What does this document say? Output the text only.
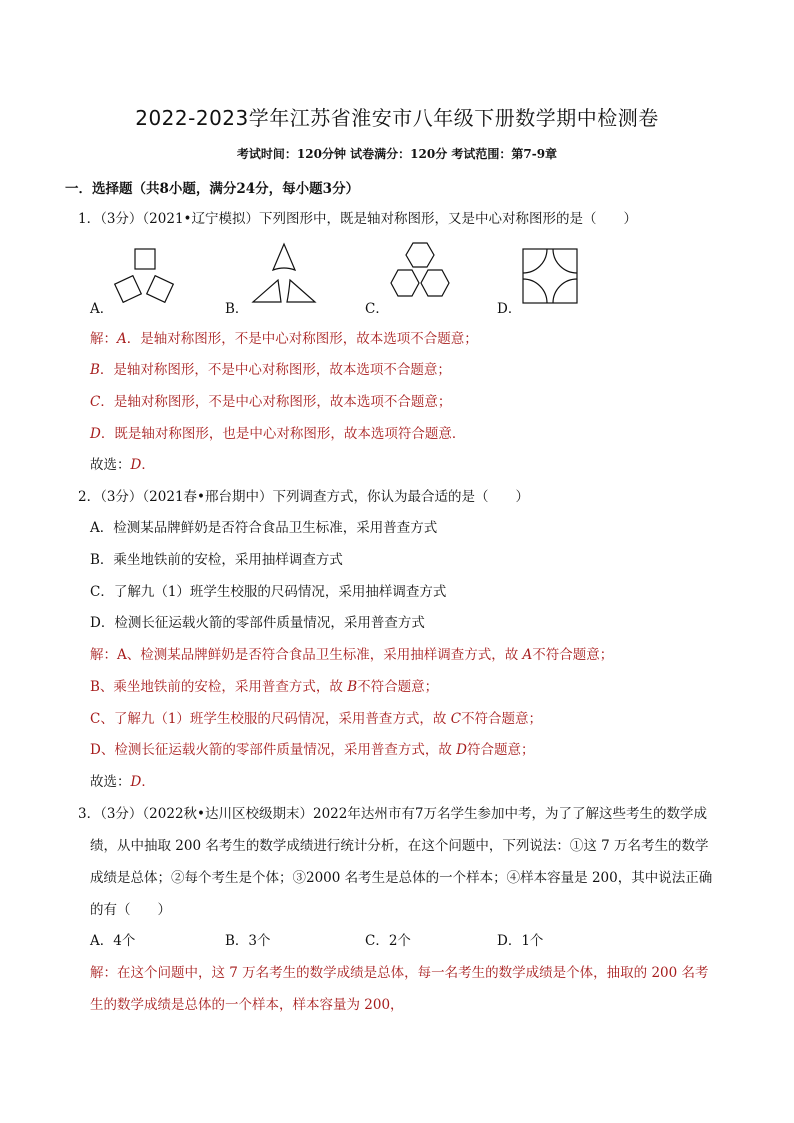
2022-2023学年江苏省淮安市八年级下册数学期中检测卷
考试时间：120分钟 试卷满分：120分 考试范围：第7-9章
一．选择题（共8小题，满分24分，每小题3分）
1．（3分）（2021•辽宁模拟）下列图形中，既是轴对称图形，又是中心对称图形的是（　　）
A．	B．	C．	D．
解：A．是轴对称图形，不是中心对称图形，故本选项不合题意；
B．是轴对称图形，不是中心对称图形，故本选项不合题意；
C．是轴对称图形，不是中心对称图形，故本选项不合题意；
D．既是轴对称图形，也是中心对称图形，故本选项符合题意．
故选：D．
2．（3分）（2021春•邢台期中）下列调查方式，你认为最合适的是（　　）
A．检测某品牌鲜奶是否符合食品卫生标准，采用普查方式
B．乘坐地铁前的安检，采用抽样调查方式
C．了解九（1）班学生校服的尺码情况，采用抽样调查方式
D．检测长征运载火箭的零部件质量情况，采用普查方式
解：A、检测某品牌鲜奶是否符合食品卫生标准，采用抽样调查方式，故 A不符合题意；
B、乘坐地铁前的安检，采用普查方式，故 B不符合题意；
C、了解九（1）班学生校服的尺码情况，采用普查方式，故 C不符合题意；
D、检测长征运载火箭的零部件质量情况，采用普查方式，故 D符合题意；
故选：D．
3．（3分）（2022秋•达川区校级期末）2022年达州市有7万名学生参加中考，为了了解这些考生的数学成
绩，从中抽取 200 名考生的数学成绩进行统计分析，在这个问题中，下列说法：①这 7 万名考生的数学
成绩是总体；②每个考生是个体；③2000 名考生是总体的一个样本；④样本容量是 200，其中说法正确
的有（　　）
A．4个	B．3个	C．2个	D．1个
解：在这个问题中，这 7 万名考生的数学成绩是总体，每一名考生的数学成绩是个体，抽取的 200 名考
生的数学成绩是总体的一个样本，样本容量为 200，
